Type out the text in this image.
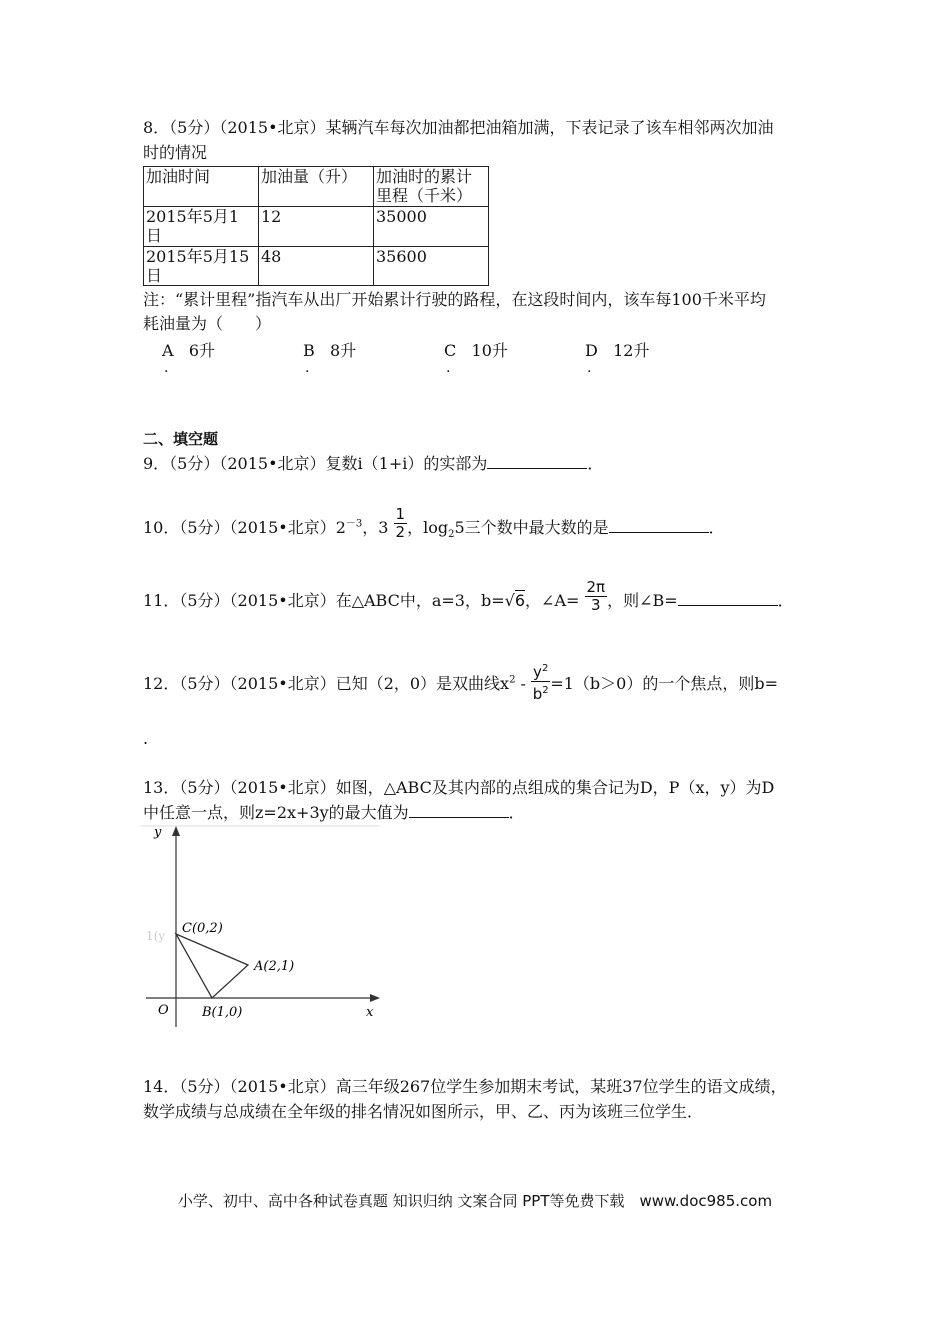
8．（5分）（2015•北京）某辆汽车每次加油都把油箱加满，下表记录了该车相邻两次加油
时的情况
加油时间	加油量（升）	加油时的累计
里程（千米）
2015年5月1
日	12	35000
2015年5月15
日	48	35600
注：“累计里程”指汽车从出厂开始累计行驶的路程，在这段时间内，该车每100千米平均
耗油量为（　　）
A 6升	B 8升	C 10升	D 12升
.	.	.	.
二、填空题
9．（5分）（2015•北京）复数i（1+i）的实部为	．
10．（5分）（2015•北京）$2^{-3}$，$3 \frac{1}{2}$ ，$\log_25$三个数中最大数的是	．
11．（5分）（2015•北京）在△ABC中，a=3，b=√6，∠A= $\frac{2\pi}{3}$ ，则∠B=	．
12．（5分）（2015•北京）已知（2，0）是双曲线$x^2 - \frac{y^2}{b^2} =1(b>0)$的一个焦点，则b=
.
13．（5分）（2015•北京）如图，△ABC及其内部的点组成的集合记为D，P（x，y）为D
中任意一点，则z=2x+3y的最大值为	．
y
x
O
C(0,2)
A(2,1)
B(1,0)
1(y
14．（5分）（2015•北京）高三年级267位学生参加期末考试，某班37位学生的语文成绩，
数学成绩与总成绩在全年级的排名情况如图所示，甲、乙、丙为该班三位学生．
小学、初中、高中各种试卷真题 知识归纳 文案合同 PPT等免费下载　www.doc985.com
